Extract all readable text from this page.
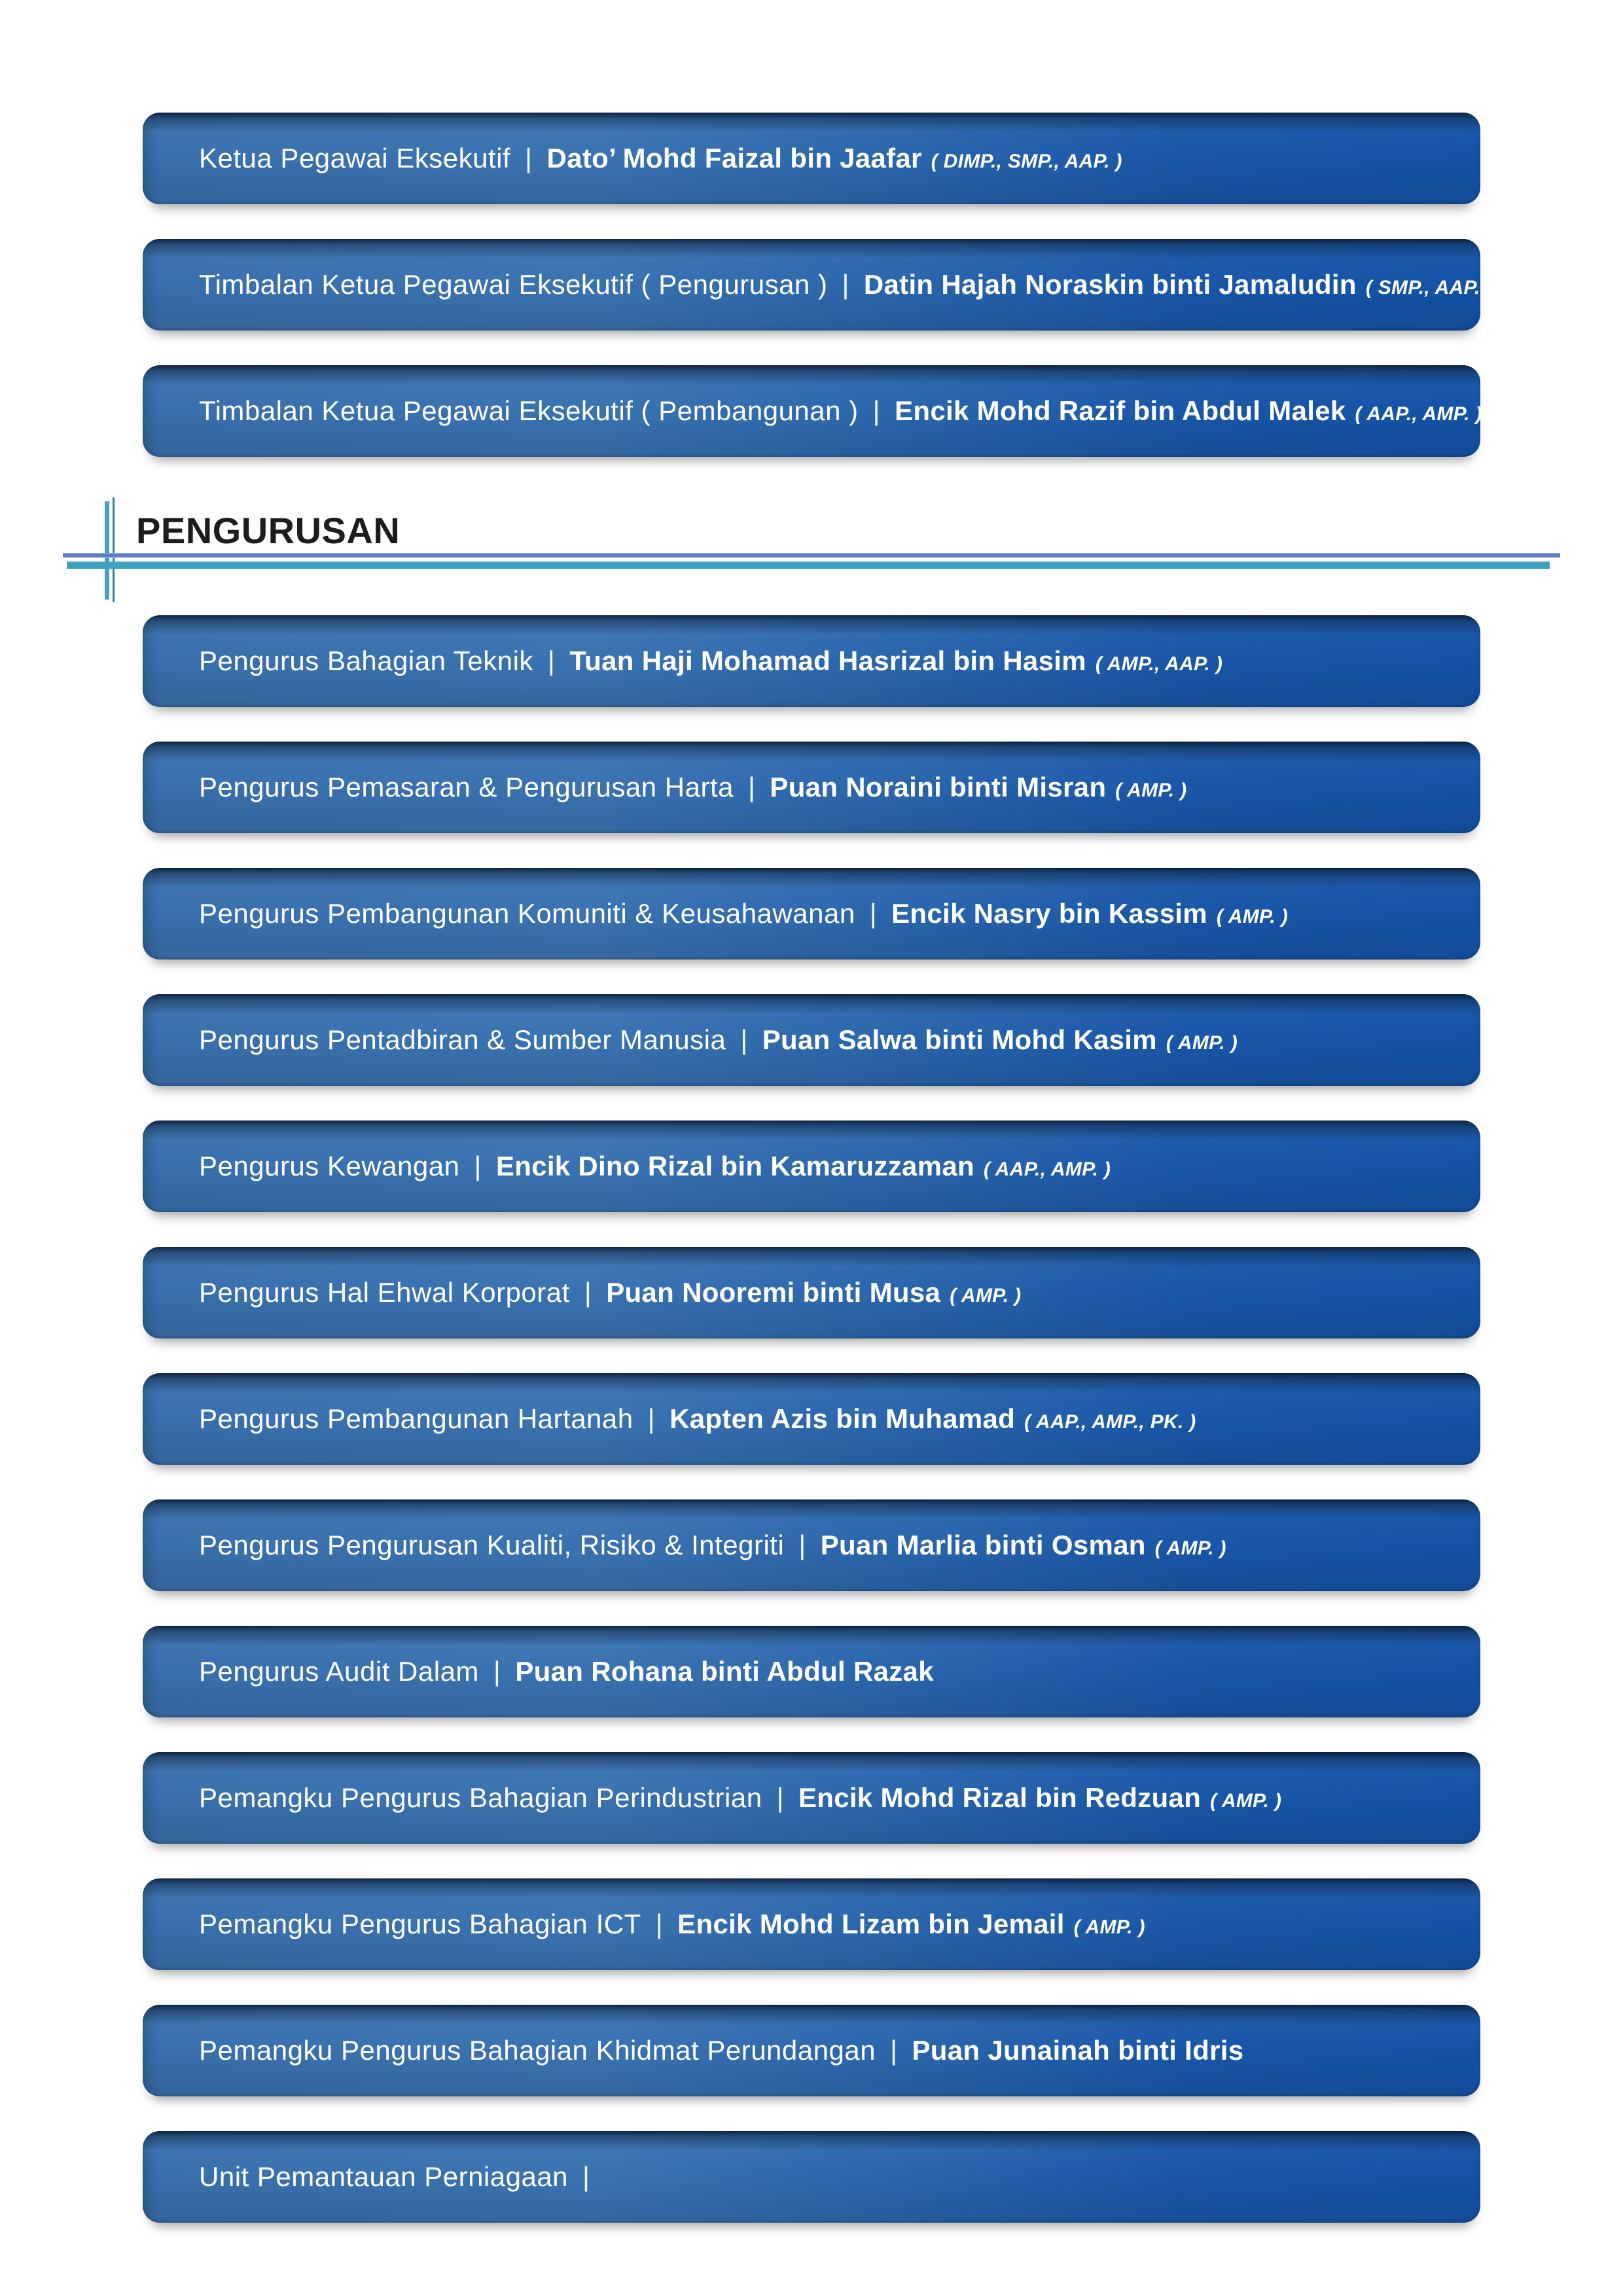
Ketua Pegawai Eksekutif | Dato’ Mohd Faizal bin Jaafar ( DIMP., SMP., AAP. )
Timbalan Ketua Pegawai Eksekutif ( Pengurusan ) | Datin Hajah Noraskin binti Jamaludin ( SMP., AAP. )
Timbalan Ketua Pegawai Eksekutif ( Pembangunan ) | Encik Mohd Razif bin Abdul Malek ( AAP., AMP. )
PENGURUSAN
Pengurus Bahagian Teknik | Tuan Haji Mohamad Hasrizal bin Hasim ( AMP., AAP. )
Pengurus Pemasaran & Pengurusan Harta | Puan Noraini binti Misran ( AMP. )
Pengurus Pembangunan Komuniti & Keusahawanan | Encik Nasry bin Kassim ( AMP. )
Pengurus Pentadbiran & Sumber Manusia | Puan Salwa binti Mohd Kasim ( AMP. )
Pengurus Kewangan | Encik Dino Rizal bin Kamaruzzaman ( AAP., AMP. )
Pengurus Hal Ehwal Korporat | Puan Nooremi binti Musa ( AMP. )
Pengurus Pembangunan Hartanah | Kapten Azis bin Muhamad ( AAP., AMP., PK. )
Pengurus Pengurusan Kualiti, Risiko & Integriti | Puan Marlia binti Osman ( AMP. )
Pengurus Audit Dalam | Puan Rohana binti Abdul Razak
Pemangku Pengurus Bahagian Perindustrian | Encik Mohd Rizal bin Redzuan ( AMP. )
Pemangku Pengurus Bahagian ICT | Encik Mohd Lizam bin Jemail ( AMP. )
Pemangku Pengurus Bahagian Khidmat Perundangan | Puan Junainah binti Idris
Unit Pemantauan Perniagaan |
